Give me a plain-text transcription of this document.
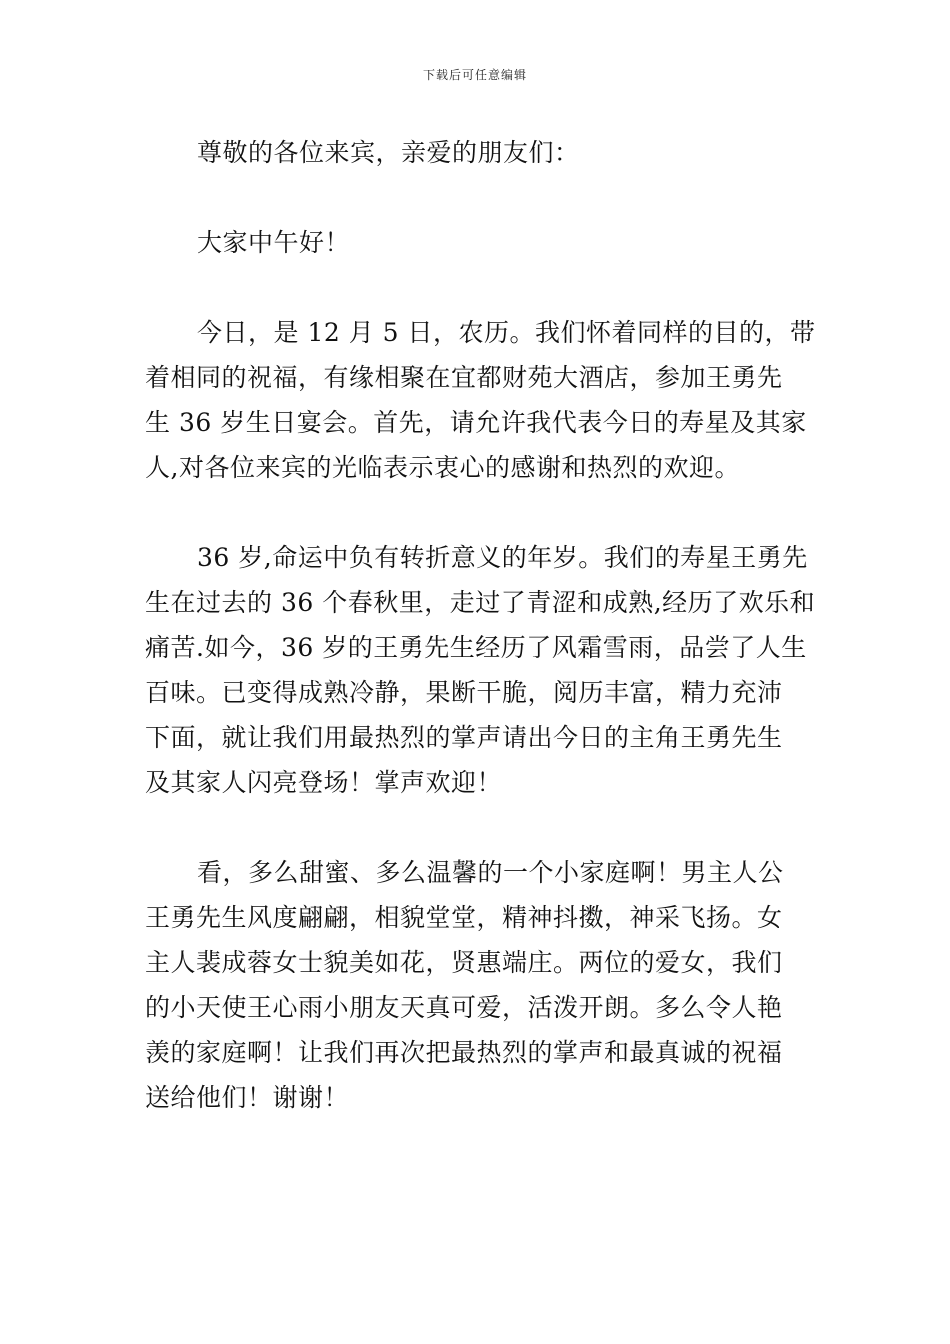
下载后可任意编辑
尊敬的各位来宾，亲爱的朋友们：
大家中午好！
今日，是 12 月 5 日，农历。我们怀着同样的目的，带
着相同的祝福，有缘相聚在宜都财苑大酒店，参加王勇先
生 36 岁生日宴会。首先，请允许我代表今日的寿星及其家
人,对各位来宾的光临表示衷心的感谢和热烈的欢迎。
36 岁,命运中负有转折意义的年岁。我们的寿星王勇先
生在过去的 36 个春秋里，走过了青涩和成熟,经历了欢乐和
痛苦.如今，36 岁的王勇先生经历了风霜雪雨，品尝了人生
百味。已变得成熟冷静，果断干脆，阅历丰富，精力充沛
下面，就让我们用最热烈的掌声请出今日的主角王勇先生
及其家人闪亮登场！掌声欢迎！
看，多么甜蜜、多么温馨的一个小家庭啊！男主人公
王勇先生风度翩翩，相貌堂堂，精神抖擞，神采飞扬。女
主人裴成蓉女士貌美如花，贤惠端庄。两位的爱女，我们
的小天使王心雨小朋友天真可爱，活泼开朗。多么令人艳
羡的家庭啊！让我们再次把最热烈的掌声和最真诚的祝福
送给他们！谢谢！
